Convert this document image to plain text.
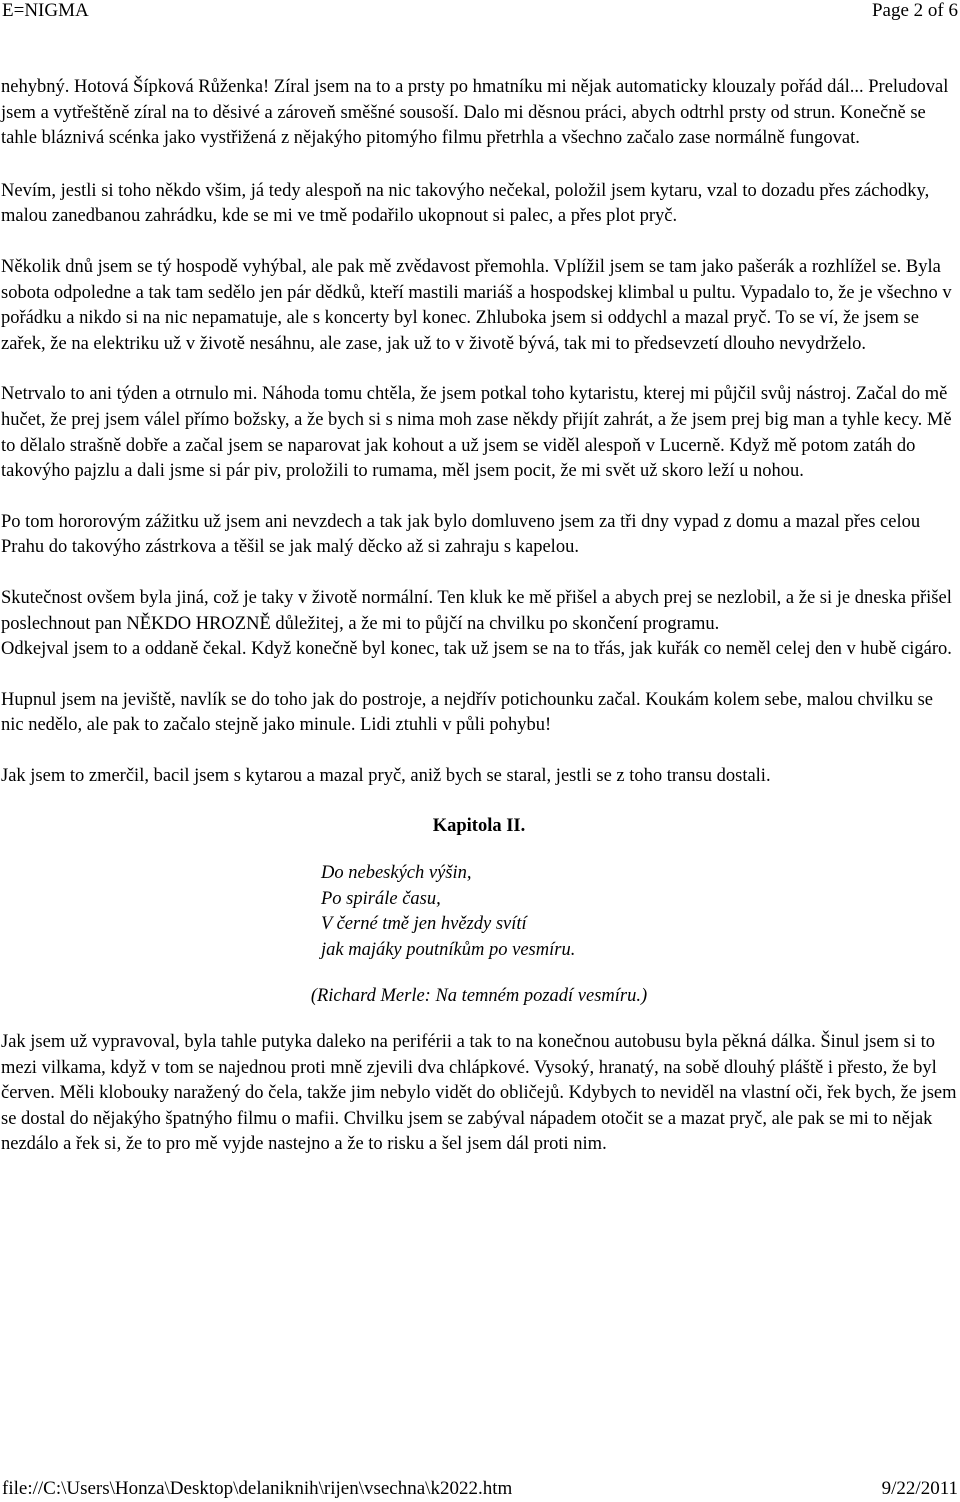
E=NIGMA	Page 2 of 6

nehybný. Hotová Šípková Růženka! Zíral jsem na to a prsty po hmatníku mi nějak automaticky klouzaly pořád dál... Preludoval jsem a vytřeštěně zíral na to děsivé a zároveň směšné sousoší. Dalo mi děsnou práci, abych odtrhl prsty od strun. Konečně se tahle bláznivá scénka jako vystřižená z nějakýho pitomýho filmu přetrhla a všechno začalo zase normálně fungovat.

Nevím, jestli si toho někdo všim, já tedy alespoň na nic takovýho nečekal, položil jsem kytaru, vzal to dozadu přes záchodky, malou zanedbanou zahrádku, kde se mi ve tmě podařilo ukopnout si palec, a přes plot pryč.

Několik dnů jsem se tý hospodě vyhýbal, ale pak mě zvědavost přemohla. Vplížil jsem se tam jako pašerák a rozhlížel se. Byla sobota odpoledne a tak tam sedělo jen pár dědků, kteří mastili mariáš a hospodskej klimbal u pultu. Vypadalo to, že je všechno v pořádku a nikdo si na nic nepamatuje, ale s koncerty byl konec. Zhluboka jsem si oddychl a mazal pryč. To se ví, že jsem se zařek, že na elektriku už v životě nesáhnu, ale zase, jak už to v životě bývá, tak mi to předsevzetí dlouho nevydrželo.

Netrvalo to ani týden a otrnulo mi. Náhoda tomu chtěla, že jsem potkal toho kytaristu, kterej mi půjčil svůj nástroj. Začal do mě hučet, že prej jsem válel přímo božsky, a že bych si s nima moh zase někdy přijít zahrát, a že jsem prej big man a tyhle kecy. Mě to dělalo strašně dobře a začal jsem se naparovat jak kohout a už jsem se viděl alespoň v Lucerně. Když mě potom zatáh do takovýho pajzlu a dali jsme si pár piv, proložili to rumama, měl jsem pocit, že mi svět už skoro leží u nohou.

Po tom hororovým zážitku už jsem ani nevzdech a tak jak bylo domluveno jsem za tři dny vypad z domu a mazal přes celou Prahu do takovýho zástrkova a těšil se jak malý děcko až si zahraju s kapelou.

Skutečnost ovšem byla jiná, což je taky v životě normální. Ten kluk ke mě přišel a abych prej se nezlobil, a že si je dneska přišel poslechnout pan NĚKDO HROZNĚ důležitej, a že mi to půjčí na chvilku po skončení programu.

Odkejval jsem to a oddaně čekal. Když konečně byl konec, tak už jsem se na to třás, jak kuřák co neměl celej den v hubě cigáro.

Hupnul jsem na jeviště, navlík se do toho jak do postroje, a nejdřív potichounku začal. Koukám kolem sebe, malou chvilku se nic nedělo, ale pak to začalo stejně jako minule. Lidi ztuhli v půli pohybu!

Jak jsem to zmerčil, bacil jsem s kytarou a mazal pryč, aniž bych se staral, jestli se z toho transu dostali.

Kapitola II.

Do nebeských výšin,
Po spirále času,
V černé tmě jen hvězdy svítí
jak majáky poutníkům po vesmíru.

(Richard Merle: Na temném pozadí vesmíru.)

Jak jsem už vypravoval, byla tahle putyka daleko na periférii a tak to na konečnou autobusu byla pěkná dálka. Šinul jsem si to mezi vilkama, když v tom se najednou proti mně zjevili dva chlápkové. Vysoký, hranatý, na sobě dlouhý pláště i přesto, že byl červen. Měli klobouky naražený do čela, takže jim nebylo vidět do obličejů. Kdybych to neviděl na vlastní oči, řek bych, že jsem se dostal do nějakýho špatnýho filmu o mafii. Chvilku jsem se zabýval nápadem otočit se a mazat pryč, ale pak se mi to nějak nezdálo a řek si, že to pro mě vyjde nastejno a že to risku a šel jsem dál proti nim.

file://C:\Users\Honza\Desktop\delaniknih\rijen\vsechna\k2022.htm	9/22/2011
